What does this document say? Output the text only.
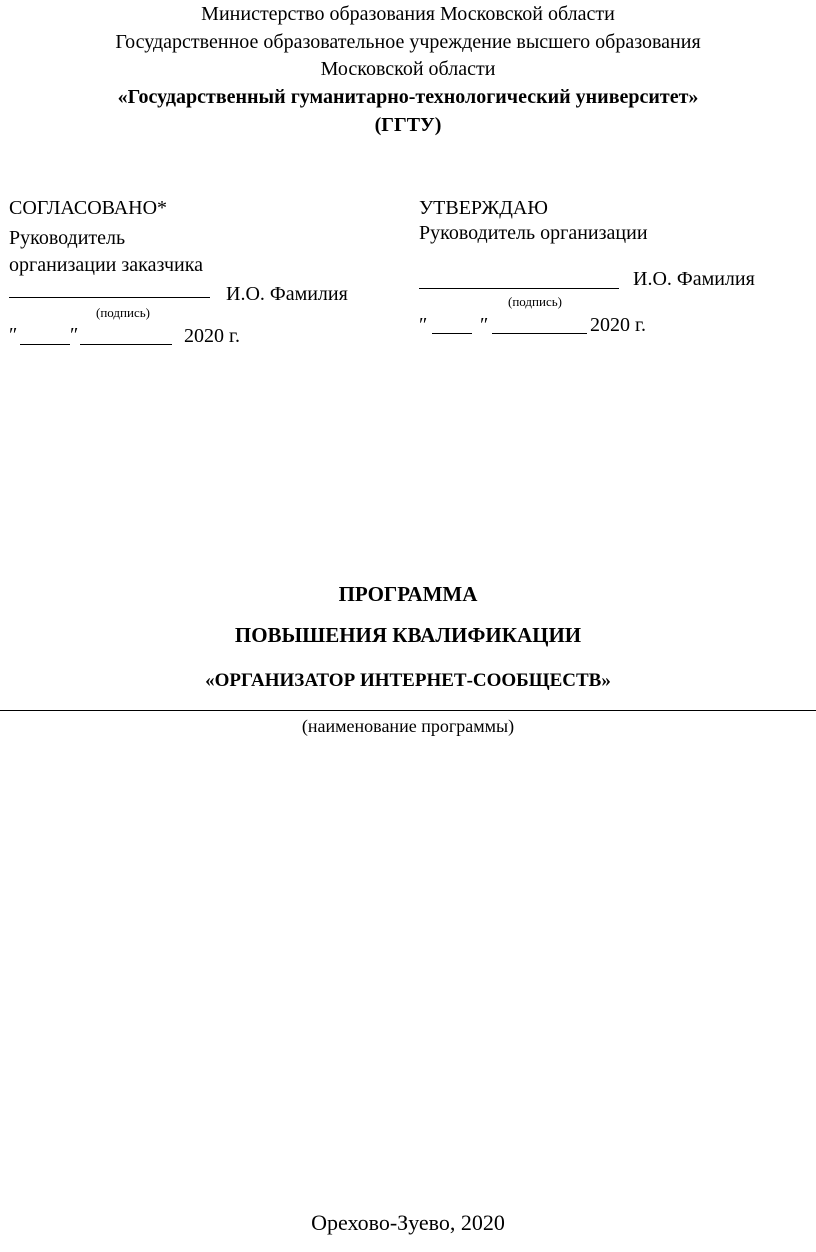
Министерство образования Московской области
Государственное образовательное учреждение высшего образования
Московской области
«Государственный гуманитарно-технологический университет»
(ГГТУ)
СОГЛАСОВАНО*
Руководитель
организации заказчика
И.О. Фамилия
(подпись)
″	″	2020 г.
УТВЕРЖДАЮ
Руководитель организации
И.О. Фамилия
(подпись)
″	″	2020 г.
ПРОГРАММА
ПОВЫШЕНИЯ КВАЛИФИКАЦИИ
«ОРГАНИЗАТОР ИНТЕРНЕТ-СООБЩЕСТВ»
(наименование программы)
Орехово-Зуево, 2020
